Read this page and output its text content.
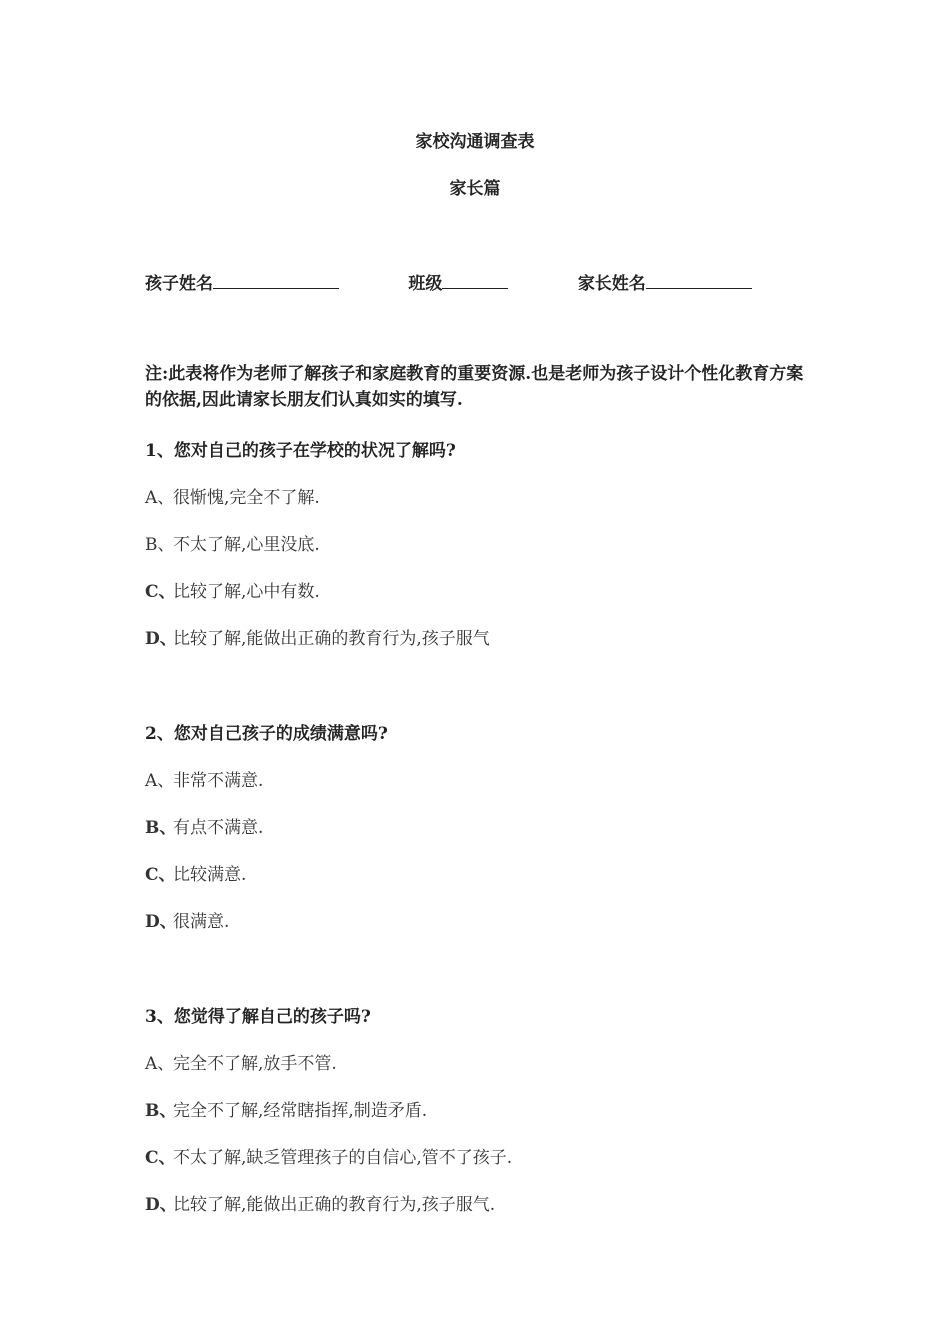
家校沟通调查表
家长篇
孩子姓名	班级	家长姓名
注:此表将作为老师了解孩子和家庭教育的重要资源.也是老师为孩子设计个性化教育方案的依据,因此请家长朋友们认真如实的填写.
1、您对自己的孩子在学校的状况了解吗?
A、很惭愧,完全不了解.
B、不太了解,心里没底.
C、比较了解,心中有数.
D、比较了解,能做出正确的教育行为,孩子服气
2、您对自己孩子的成绩满意吗?
A、非常不满意.
B、有点不满意.
C、比较满意.
D、很满意.
3、您觉得了解自己的孩子吗?
A、完全不了解,放手不管.
B、完全不了解,经常瞎指挥,制造矛盾.
C、不太了解,缺乏管理孩子的自信心,管不了孩子.
D、比较了解,能做出正确的教育行为,孩子服气.
